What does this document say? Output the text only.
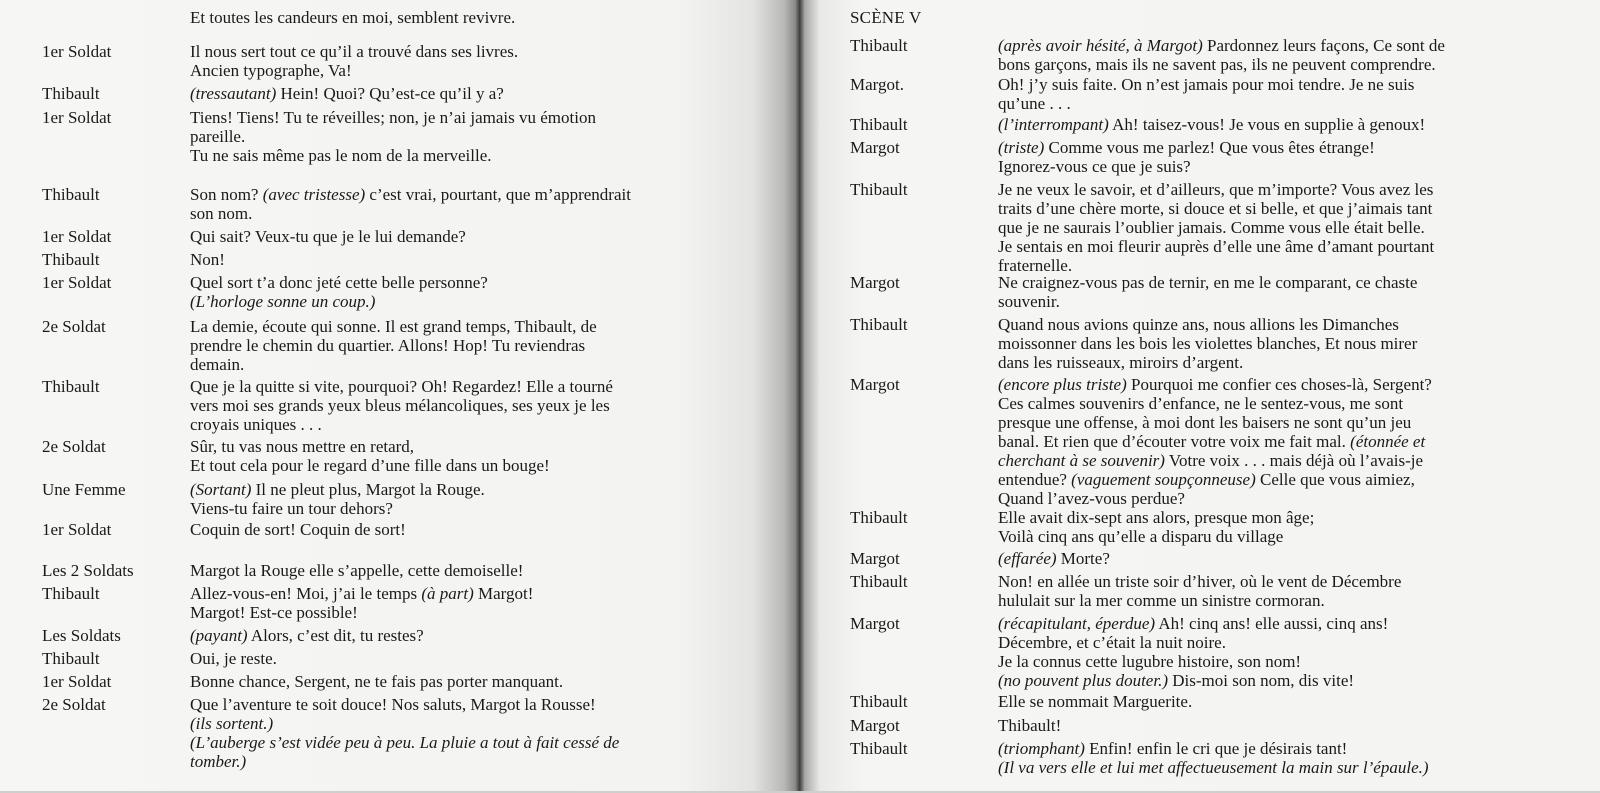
Et toutes les candeurs en moi, semblent revivre.
1er Soldat	Il nous sert tout ce qu’il a trouvé dans ses livres.
Ancien typographe, Va!
Thibault	(tressautant) Hein! Quoi? Qu’est-ce qu’il y a?
1er Soldat	Tiens! Tiens! Tu te réveilles; non, je n’ai jamais vu émotion
pareille.
Tu ne sais même pas le nom de la merveille.
Thibault	Son nom? (avec tristesse) c’est vrai, pourtant, que m’apprendrait
son nom.
1er Soldat	Qui sait? Veux-tu que je le lui demande?
Thibault	Non!
1er Soldat	Quel sort t’a donc jeté cette belle personne?
(L’horloge sonne un coup.)
2e Soldat	La demie, écoute qui sonne. Il est grand temps, Thibault, de
prendre le chemin du quartier. Allons! Hop! Tu reviendras
demain.
Thibault	Que je la quitte si vite, pourquoi? Oh! Regardez! Elle a tourné
vers moi ses grands yeux bleus mélancoliques, ses yeux je les
croyais uniques . . .
2e Soldat	Sûr, tu vas nous mettre en retard,
Et tout cela pour le regard d’une fille dans un bouge!
Une Femme	(Sortant) Il ne pleut plus, Margot la Rouge.
Viens-tu faire un tour dehors?
1er Soldat	Coquin de sort! Coquin de sort!
Les 2 Soldats	Margot la Rouge elle s’appelle, cette demoiselle!
Thibault	Allez-vous-en! Moi, j’ai le temps (à part) Margot!
Margot! Est-ce possible!
Les Soldats	(payant) Alors, c’est dit, tu restes?
Thibault	Oui, je reste.
1er Soldat	Bonne chance, Sergent, ne te fais pas porter manquant.
2e Soldat	Que l’aventure te soit douce! Nos saluts, Margot la Rousse!
(ils sortent.)
(L’auberge s’est vidée peu à peu. La pluie a tout à fait cessé de
tomber.)
SCÈNE V
Thibault	(après avoir hésité, à Margot) Pardonnez leurs façons, Ce sont de
bons garçons, mais ils ne savent pas, ils ne peuvent comprendre.
Margot.	Oh! j’y suis faite. On n’est jamais pour moi tendre. Je ne suis
qu’une . . .
Thibault	(l’interrompant) Ah! taisez-vous! Je vous en supplie à genoux!
Margot	(triste) Comme vous me parlez! Que vous êtes étrange!
Ignorez-vous ce que je suis?
Thibault	Je ne veux le savoir, et d’ailleurs, que m’importe? Vous avez les
traits d’une chère morte, si douce et si belle, et que j’aimais tant
que je ne saurais l’oublier jamais. Comme vous elle était belle.
Je sentais en moi fleurir auprès d’elle une âme d’amant pourtant
fraternelle.
Margot	Ne craignez-vous pas de ternir, en me le comparant, ce chaste
souvenir.
Thibault	Quand nous avions quinze ans, nous allions les Dimanches
moissonner dans les bois les violettes blanches, Et nous mirer
dans les ruisseaux, miroirs d’argent.
Margot	(encore plus triste) Pourquoi me confier ces choses-là, Sergent?
Ces calmes souvenirs d’enfance, ne le sentez-vous, me sont
presque une offense, à moi dont les baisers ne sont qu’un jeu
banal. Et rien que d’écouter votre voix me fait mal. (étonnée et
cherchant à se souvenir) Votre voix . . . mais déjà où l’avais-je
entendue? (vaguement soupçonneuse) Celle que vous aimiez,
Quand l’avez-vous perdue?
Thibault	Elle avait dix-sept ans alors, presque mon âge;
Voilà cinq ans qu’elle a disparu du village
Margot	(effarée) Morte?
Thibault	Non! en allée un triste soir d’hiver, où le vent de Décembre
hululait sur la mer comme un sinistre cormoran.
Margot	(récapitulant, éperdue) Ah! cinq ans! elle aussi, cinq ans!
Décembre, et c’était la nuit noire.
Je la connus cette lugubre histoire, son nom!
(no pouvent plus douter.) Dis-moi son nom, dis vite!
Thibault	Elle se nommait Marguerite.
Margot	Thibault!
Thibault	(triomphant) Enfin! enfin le cri que je désirais tant!
(Il va vers elle et lui met affectueusement la main sur l’épaule.)
